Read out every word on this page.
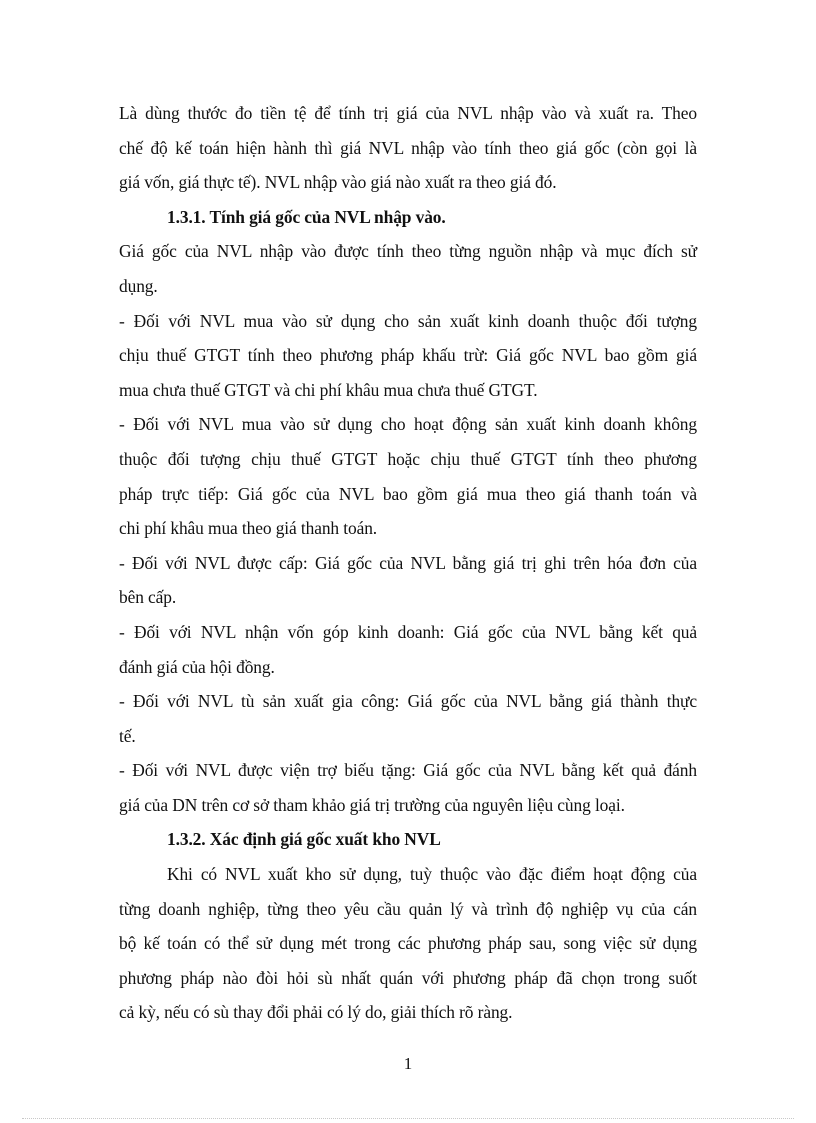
Là dùng thước đo tiền tệ để tính trị giá của NVL nhập vào và xuất ra. Theo
chế độ kế toán hiện hành thì giá NVL nhập vào tính theo giá gốc (còn gọi là
giá vốn, giá thực tế). NVL nhập vào giá nào xuất ra theo giá đó.
1.3.1. Tính giá gốc của NVL nhập vào.
Giá gốc của NVL nhập vào được tính theo từng nguồn nhập và mục đích sử
dụng.
- Đối với NVL mua vào sử dụng cho sản xuất kinh doanh thuộc đối tượng
chịu thuế GTGT tính theo phương pháp khấu trừ: Giá gốc NVL bao gồm giá
mua chưa thuế GTGT và chi phí khâu mua chưa thuế GTGT.
- Đối với NVL mua vào sử dụng cho hoạt động sản xuất kinh doanh không
thuộc đối tượng chịu thuế GTGT hoặc chịu thuế GTGT tính theo phương
pháp trực tiếp: Giá gốc của NVL bao gồm giá mua theo giá thanh toán và
chi phí khâu mua theo giá thanh toán.
- Đối với NVL được cấp: Giá gốc của NVL bằng giá trị ghi trên hóa đơn của
bên cấp.
- Đối với NVL nhận vốn góp kinh doanh: Giá gốc của NVL bằng kết quả
đánh giá của hội đồng.
- Đối với NVL tù sản xuất gia công: Giá gốc của NVL bằng giá thành thực
tế.
- Đối với NVL được viện trợ biếu tặng: Giá gốc của NVL bằng kết quả đánh
giá của DN trên cơ sở tham khảo giá trị trường của nguyên liệu cùng loại.
1.3.2. Xác định giá gốc xuất kho NVL
Khi có NVL xuất kho sử dụng, tuỳ thuộc vào đặc điểm hoạt động của
từng doanh nghiệp, từng theo yêu cầu quản lý và trình độ nghiệp vụ của cán
bộ kế toán có thể sử dụng mét trong các phương pháp sau, song việc sử dụng
phương pháp nào đòi hỏi sù nhất quán với phương pháp đã chọn trong suốt
cả kỳ, nếu có sù thay đổi phải có lý do, giải thích rõ ràng.
1
